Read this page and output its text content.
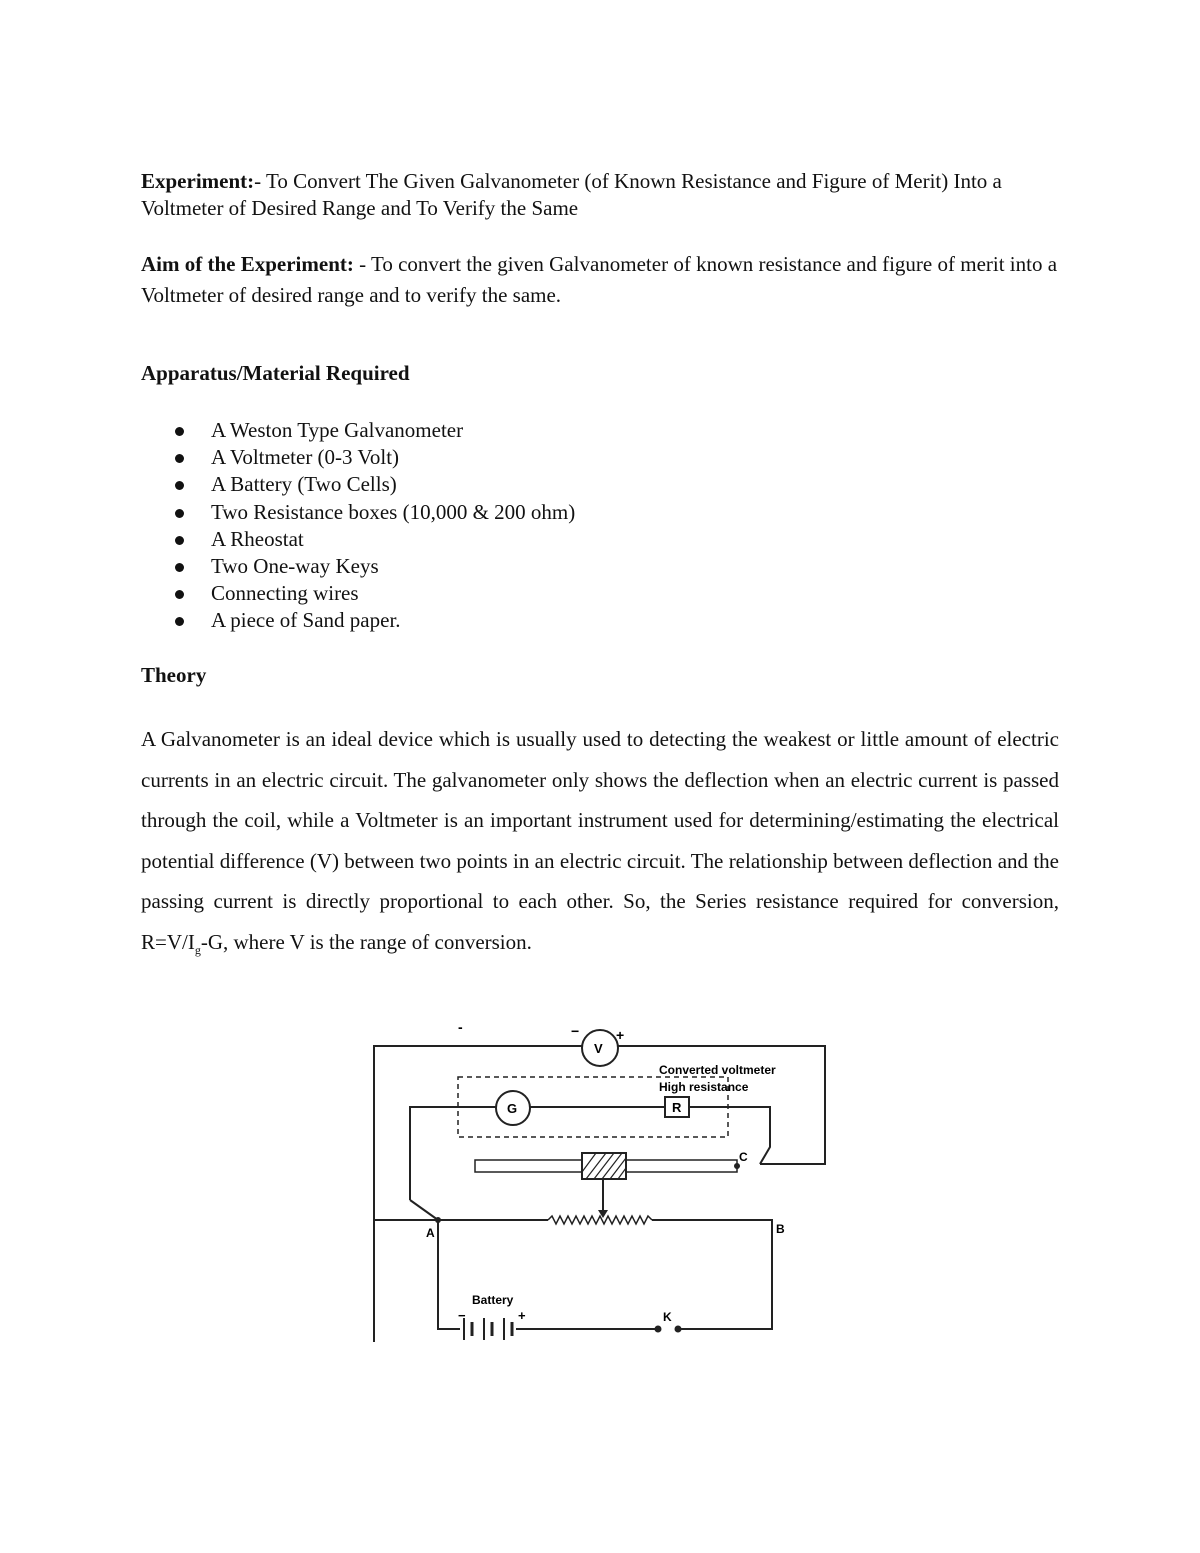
Experiment:- To Convert The Given Galvanometer (of Known Resistance and Figure of Merit) Into a Voltmeter of Desired Range and To Verify the Same

Aim of the Experiment: - To convert the given Galvanometer of known resistance and figure of merit into a Voltmeter of desired range and to verify the same.

Apparatus/Material Required

A Weston Type Galvanometer
A Voltmeter (0-3 Volt)
A Battery (Two Cells)
Two Resistance boxes (10,000 & 200 ohm)
A Rheostat
Two One-way Keys
Connecting wires
A piece of Sand paper.

Theory

A Galvanometer is an ideal device which is usually used to detecting the weakest or little amount of electric currents in an electric circuit. The galvanometer only shows the deflection when an electric current is passed through the coil, while a Voltmeter is an important instrument used for determining/estimating the electrical potential difference (V) between two points in an electric circuit. The relationship between deflection and the passing current is directly proportional to each other. So, the Series resistance required for conversion, $R=V/I_g-G$, where V is the range of conversion.

V
−	+
-
Converted voltmeter
High resistance
G	R
C
A	B
Battery
−	+	K
